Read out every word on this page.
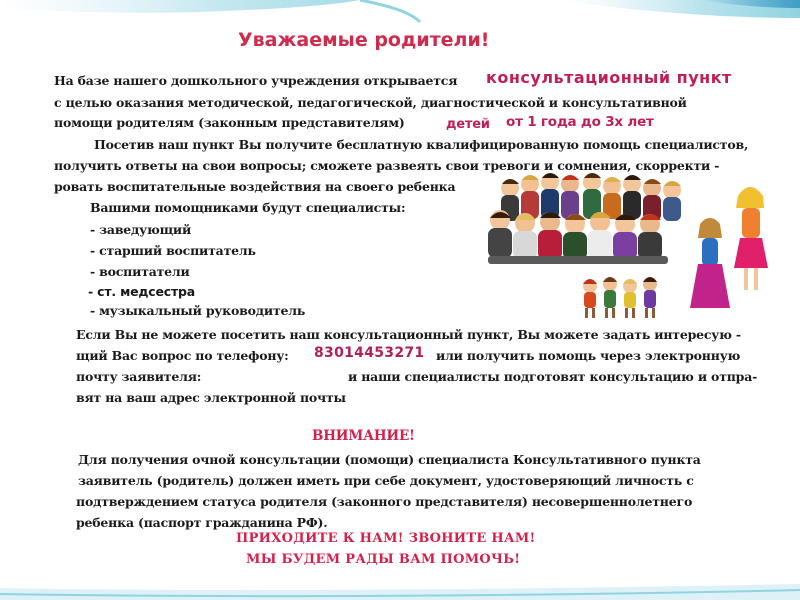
Уважаемые родители!
На базе нашего дошкольного учреждения открывается консультационный пункт
с целью оказания методической, педагогической, диагностической и консультативной
помощи родителям (законным представителям)	детей от 1 года до 3х лет
Посетив наш пункт Вы получите бесплатную квалифицированную помощь специалистов,
получить ответы на свои вопросы; сможете развеять свои тревоги и сомнения, скорректи -
ровать воспитательные воздействия на своего ребенка
Вашими помощниками будут специалисты:
- заведующий
- старший воспитатель
- воспитатели
- ст. медсестра
- музыкальный руководитель
Если Вы не можете посетить наш консультационный пункт, Вы можете задать интересую -
щий Вас вопрос по телефону: 83014453271 или получить помощь через электронную
почту заявителя:	и наши специалисты подготовят консультацию и отпра-
вят на ваш адрес электронной почты
ВНИМАНИЕ!
Для получения очной консультации (помощи) специалиста Консультативного пункта
заявитель (родитель) должен иметь при себе документ, удостоверяющий личность с
подтверждением статуса родителя (законного представителя) несовершеннолетнего
ребенка (паспорт гражданина РФ).
ПРИХОДИТЕ К НАМ! ЗВОНИТЕ НАМ!
МЫ БУДЕМ РАДЫ ВАМ ПОМОЧЬ!
